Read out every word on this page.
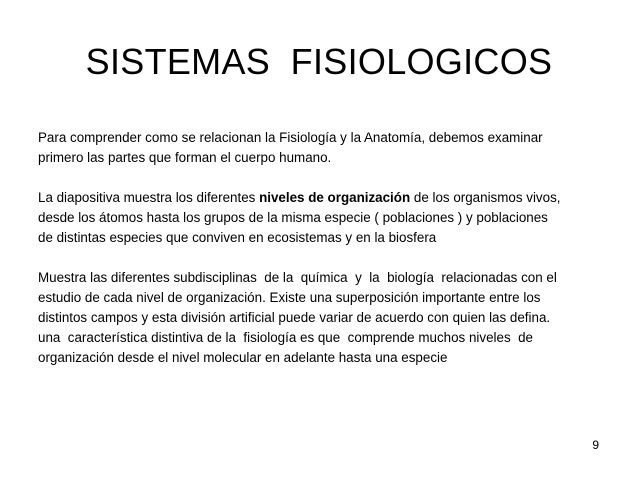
SISTEMAS  FISIOLOGICOS
Para comprender como se relacionan la Fisiología y la Anatomía, debemos examinar
primero las partes que forman el cuerpo humano.
La diapositiva muestra los diferentes niveles de organización de los organismos vivos,
desde los átomos hasta los grupos de la misma especie ( poblaciones ) y poblaciones
de distintas especies que conviven en ecosistemas y en la biosfera
Muestra las diferentes subdisciplinas  de la  química  y  la  biología  relacionadas con el
estudio de cada nivel de organización. Existe una superposición importante entre los
distintos campos y esta división artificial puede variar de acuerdo con quien las defina.
una  característica distintiva de la  fisiología es que  comprende muchos niveles  de
organización desde el nivel molecular en adelante hasta una especie
9
